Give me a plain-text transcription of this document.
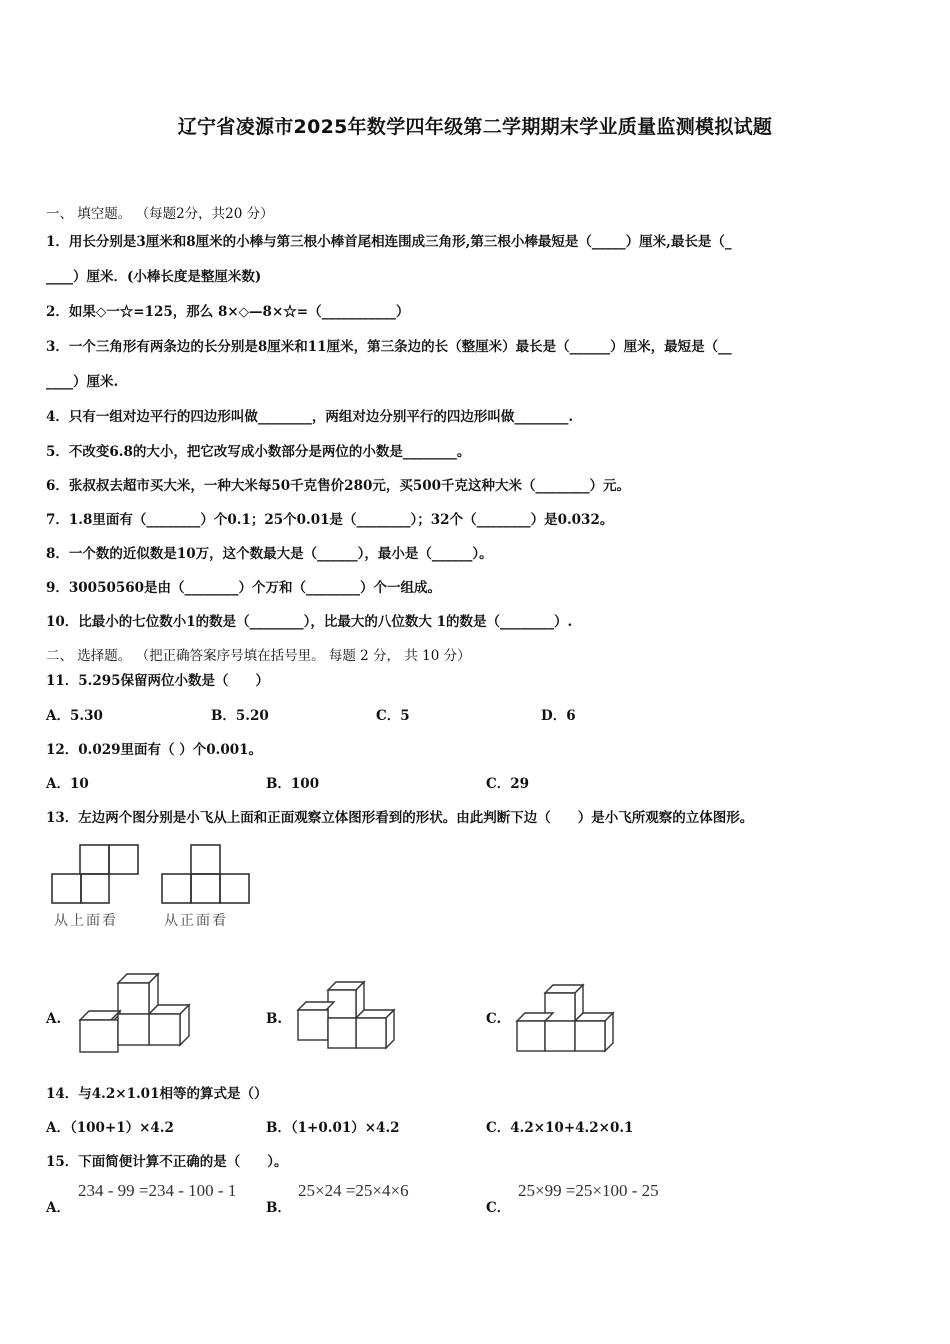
辽宁省凌源市2025年数学四年级第二学期期末学业质量监测模拟试题
一、 填空题。 （每题2分，共20 分）
1．用长分别是3厘米和8厘米的小棒与第三根小棒首尾相连围成三角形,第三根小棒最短是（_____）厘米,最长是（_
____）厘米．(小棒长度是整厘米数)
2．如果◇一☆=125，那么 8×◇—8×☆=（___________）
3．一个三角形有两条边的长分别是8厘米和11厘米，第三条边的长（整厘米）最长是（______）厘米，最短是（__
____）厘米.
4．只有一组对边平行的四边形叫做________，两组对边分别平行的四边形叫做________.
5．不改变6.8的大小，把它改写成小数部分是两位的小数是________。
6．张叔叔去超市买大米，一种大米每50千克售价280元，买500千克这种大米（________）元。
7．1.8里面有（________）个0.1；25个0.01是（________）；32个（________）是0.032。
8．一个数的近似数是10万，这个数最大是（______），最小是（______）。
9．30050560是由（________）个万和（________）个一组成。
10．比最小的七位数小1的数是（________），比最大的八位数大 1的数是（________）.
二、 选择题。 （把正确答案序号填在括号里。 每题 2 分， 共 10 分）
11．5.295保留两位小数是（　　）
A．5.30	B．5.20	C．5	D．6
12．0.029里面有（ ）个0.001。
A．10	B．100	C．29
13．左边两个图分别是小飞从上面和正面观察立体图形看到的形状。由此判断下边（　　）是小飞所观察的立体图形。
从上面看	从正面看
A.	B.	C.
14．与4.2×1.01相等的算式是（）
A．（100+1）×4.2	B．（1+0.01）×4.2	C．4.2×10+4.2×0.1
15．下面简便计算不正确的是（　　）。
A．
234 - 99 =234 - 100 - 1
B．
25×24 =25×4×6
C．
25×99 =25×100 - 25
